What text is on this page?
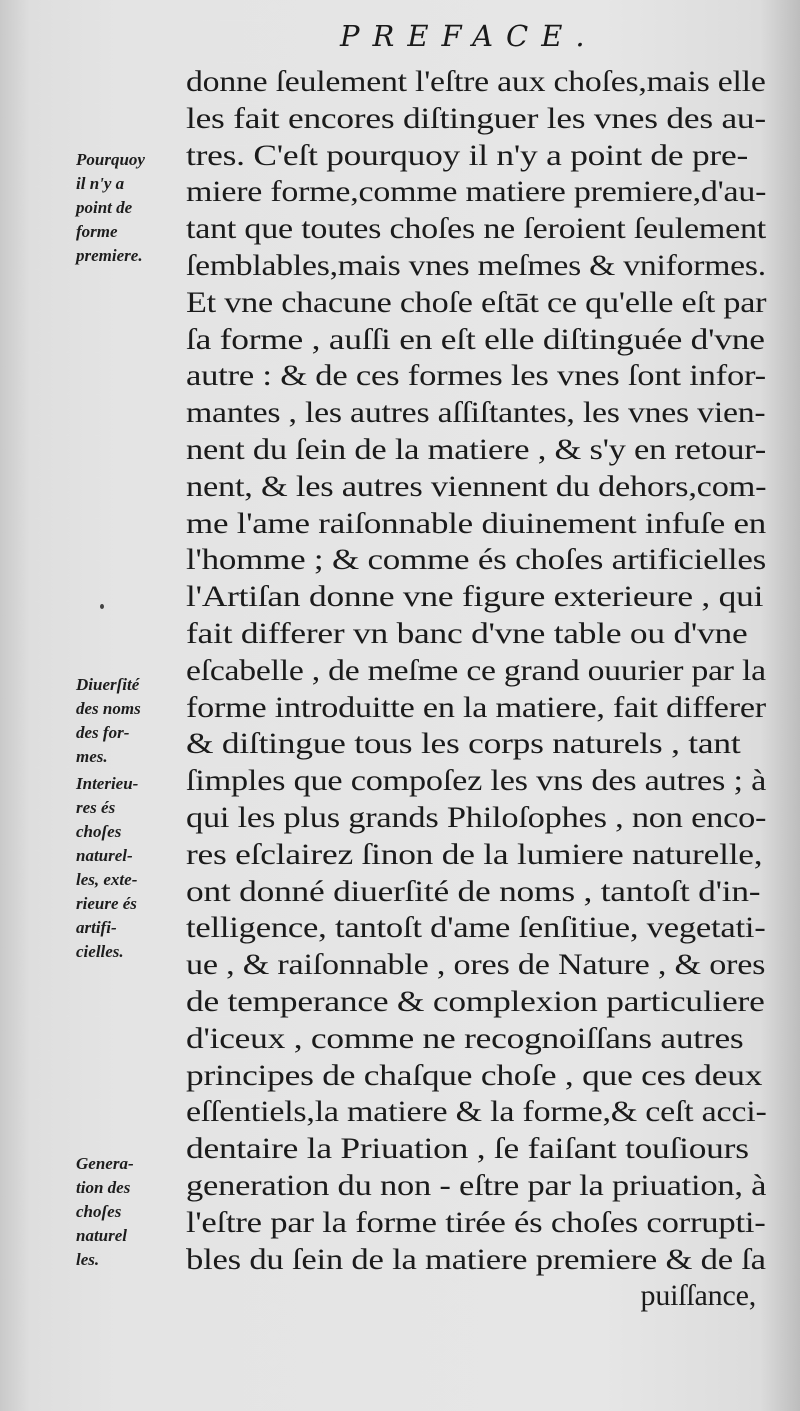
PREFACE.
donne ſeulement l'eſtre aux choſes,mais elle
les fait encores diſtinguer les vnes des au-
tres. C'eſt pourquoy il n'y a point de pre-
miere forme,comme matiere premiere,d'au-
tant que toutes choſes ne ſeroient ſeulement
ſemblables,mais vnes meſmes & vniformes.
Et vne chacune choſe eſtāt ce qu'elle eſt par
ſa forme , auſſi en eſt elle diſtinguée d'vne
autre : & de ces formes les vnes ſont infor-
mantes , les autres aſſiſtantes, les vnes vien-
nent du ſein de la matiere , & s'y en retour-
nent, & les autres viennent du dehors,com-
me l'ame raiſonnable diuinement infuſe en
l'homme ; & comme és choſes artificielles
l'Artiſan donne vne figure exterieure , qui
fait differer vn banc d'vne table ou d'vne
eſcabelle , de meſme ce grand ouurier par la
forme introduitte en la matiere, fait differer
& diſtingue tous les corps naturels , tant
ſimples que compoſez les vns des autres ; à
qui les plus grands Philoſophes , non enco-
res eſclairez ſinon de la lumiere naturelle,
ont donné diuerſité de noms , tantoſt d'in-
telligence, tantoſt d'ame ſenſitiue, vegetati-
ue , & raiſonnable , ores de Nature , & ores
de temperance & complexion particuliere
d'iceux , comme ne recognoiſſans autres
principes de chaſque choſe , que ces deux
eſſentiels,la matiere & la forme,& ceſt acci-
dentaire la Priuation , ſe faiſant touſiours
generation du non - eſtre par la priuation, à
l'eſtre par la forme tirée és choſes corrupti-
bles du ſein de la matiere premiere & de ſa
puiſſance,
Pourquoy
il n'y a
point de
forme
premiere.
Diuerſité
des noms
des for-
mes.
Interieu-
res és
choſes
naturel-
les, exte-
rieure és
artifi-
cielles.
Genera-
tion des
choſes
naturel
les.
